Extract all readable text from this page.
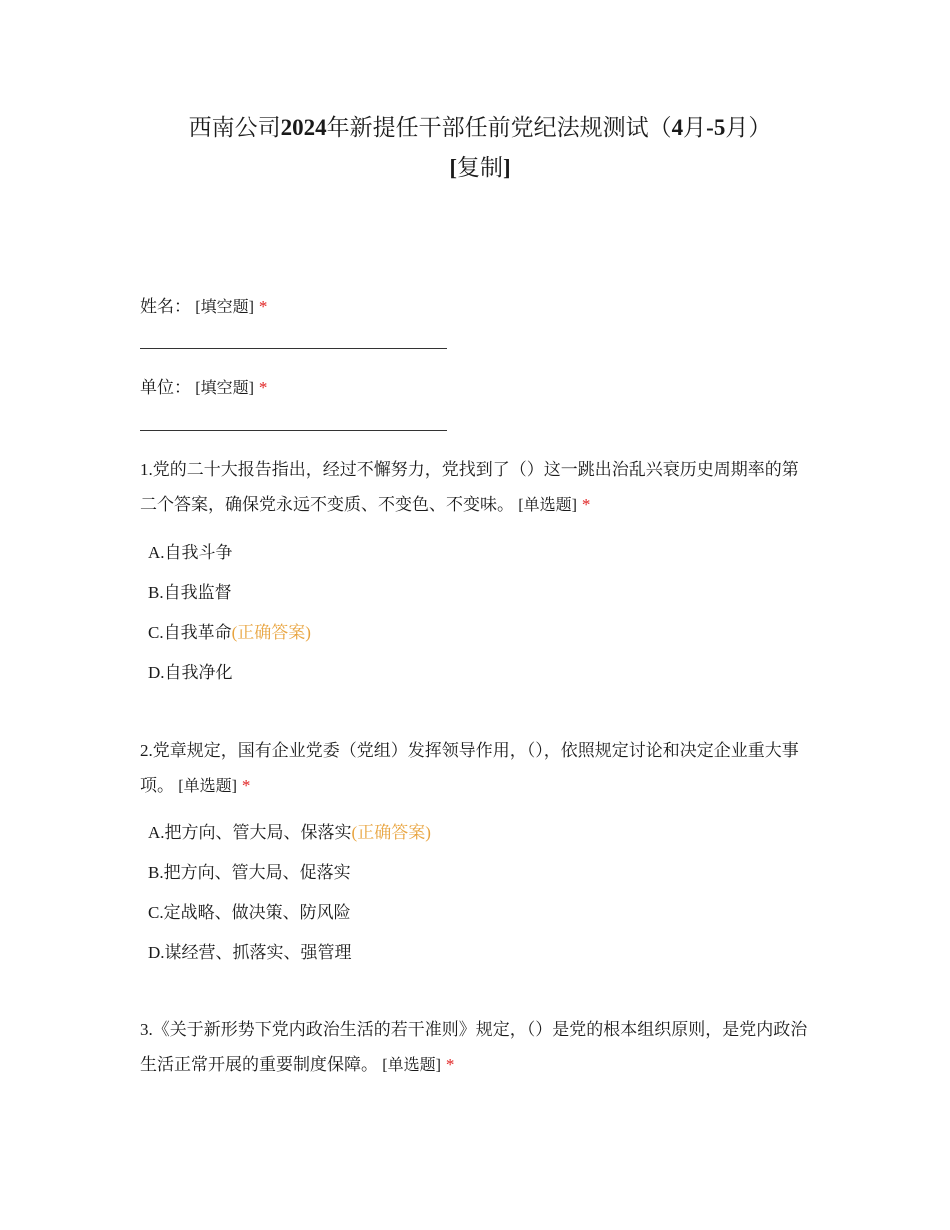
西南公司2024年新提任干部任前党纪法规测试（4月-5月）
[复制]

姓名： [填空题] *

单位： [填空题] *

1.党的二十大报告指出，经过不懈努力，党找到了（）这一跳出治乱兴衰历史周期率的第二个答案，确保党永远不变质、不变色、不变味。 [单选题] *

A.自我斗争

B.自我监督

C.自我革命(正确答案)

D.自我净化

2.党章规定，国有企业党委（党组）发挥领导作用，（），依照规定讨论和决定企业重大事项。 [单选题] *

A.把方向、管大局、保落实(正确答案)

B.把方向、管大局、促落实

C.定战略、做决策、防风险

D.谋经营、抓落实、强管理

3.《关于新形势下党内政治生活的若干准则》规定，（）是党的根本组织原则，是党内政治生活正常开展的重要制度保障。 [单选题] *
